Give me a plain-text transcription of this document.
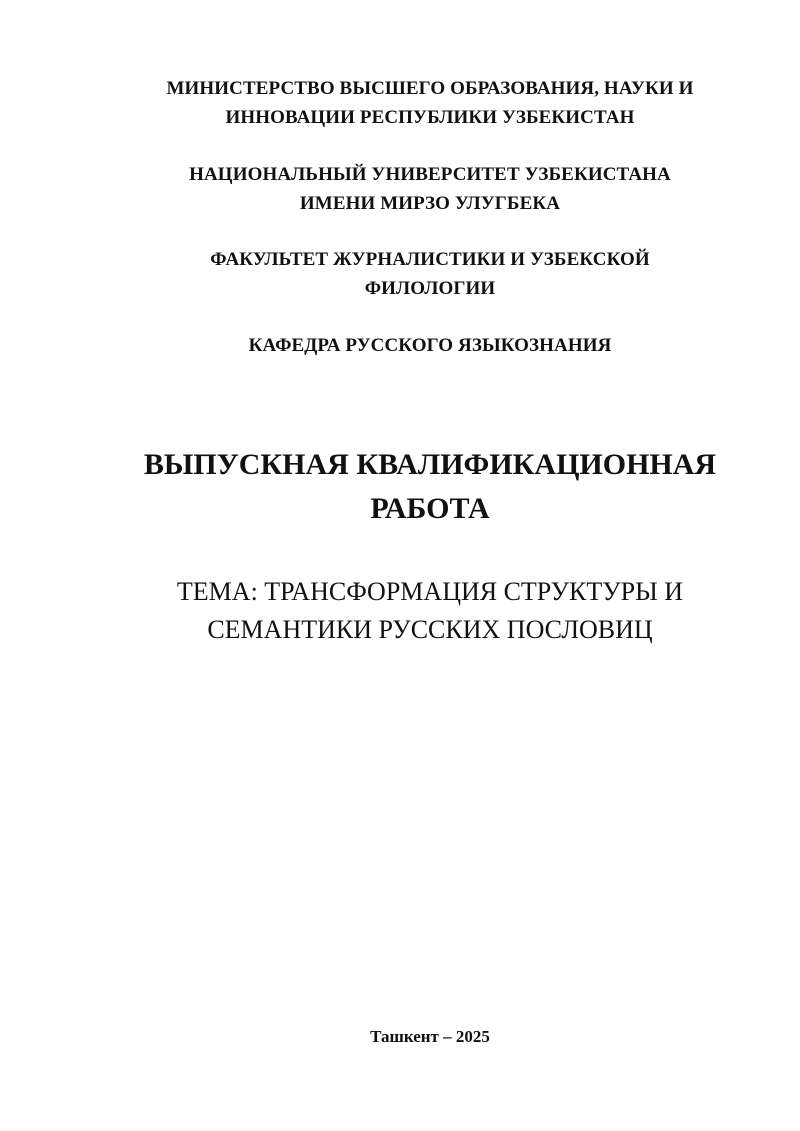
МИНИСТЕРСТВО ВЫСШЕГО ОБРАЗОВАНИЯ, НАУКИ И
ИННОВАЦИИ РЕСПУБЛИКИ УЗБЕКИСТАН
НАЦИОНАЛЬНЫЙ УНИВЕРСИТЕТ УЗБЕКИСТАНА
ИМЕНИ МИРЗО УЛУГБЕКА
ФАКУЛЬТЕТ ЖУРНАЛИСТИКИ И УЗБЕКСКОЙ
ФИЛОЛОГИИ
КАФЕДРА РУССКОГО ЯЗЫКОЗНАНИЯ
ВЫПУСКНАЯ КВАЛИФИКАЦИОННАЯ
РАБОТА
ТЕМА: ТРАНСФОРМАЦИЯ СТРУКТУРЫ И
СЕМАНТИКИ РУССКИХ ПОСЛОВИЦ
Ташкент – 2025
